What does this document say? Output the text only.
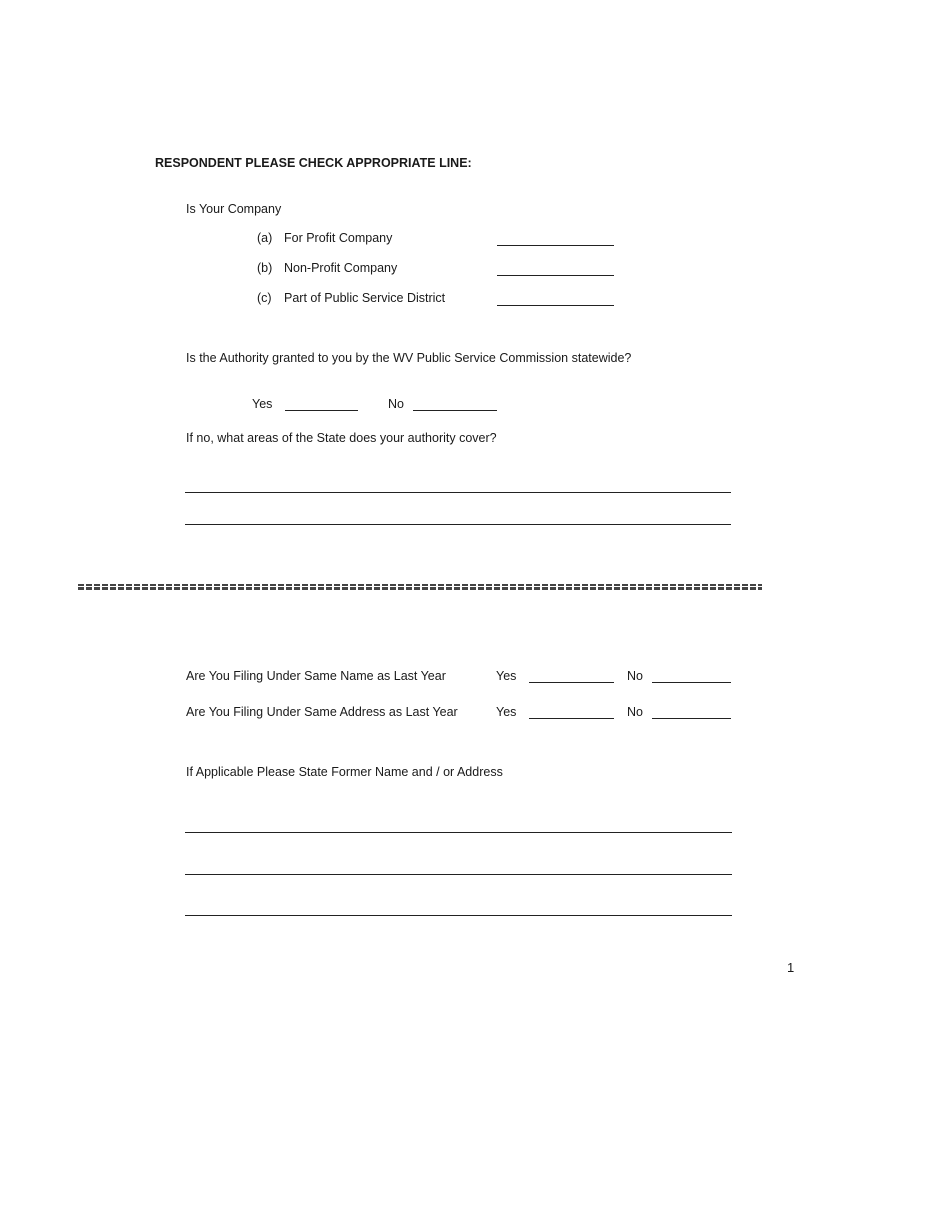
RESPONDENT PLEASE CHECK APPROPRIATE LINE:
Is Your Company
(a) For Profit Company
(b) Non-Profit Company
(c) Part of Public Service District
Is the Authority granted to you by the WV Public Service Commission statewide?
Yes	No
If no, what areas of the State does your authority cover?
Are You Filing Under Same Name as Last Year	Yes	No
Are You Filing Under Same Address as Last Year	Yes	No
If Applicable Please State Former Name and / or Address
1
